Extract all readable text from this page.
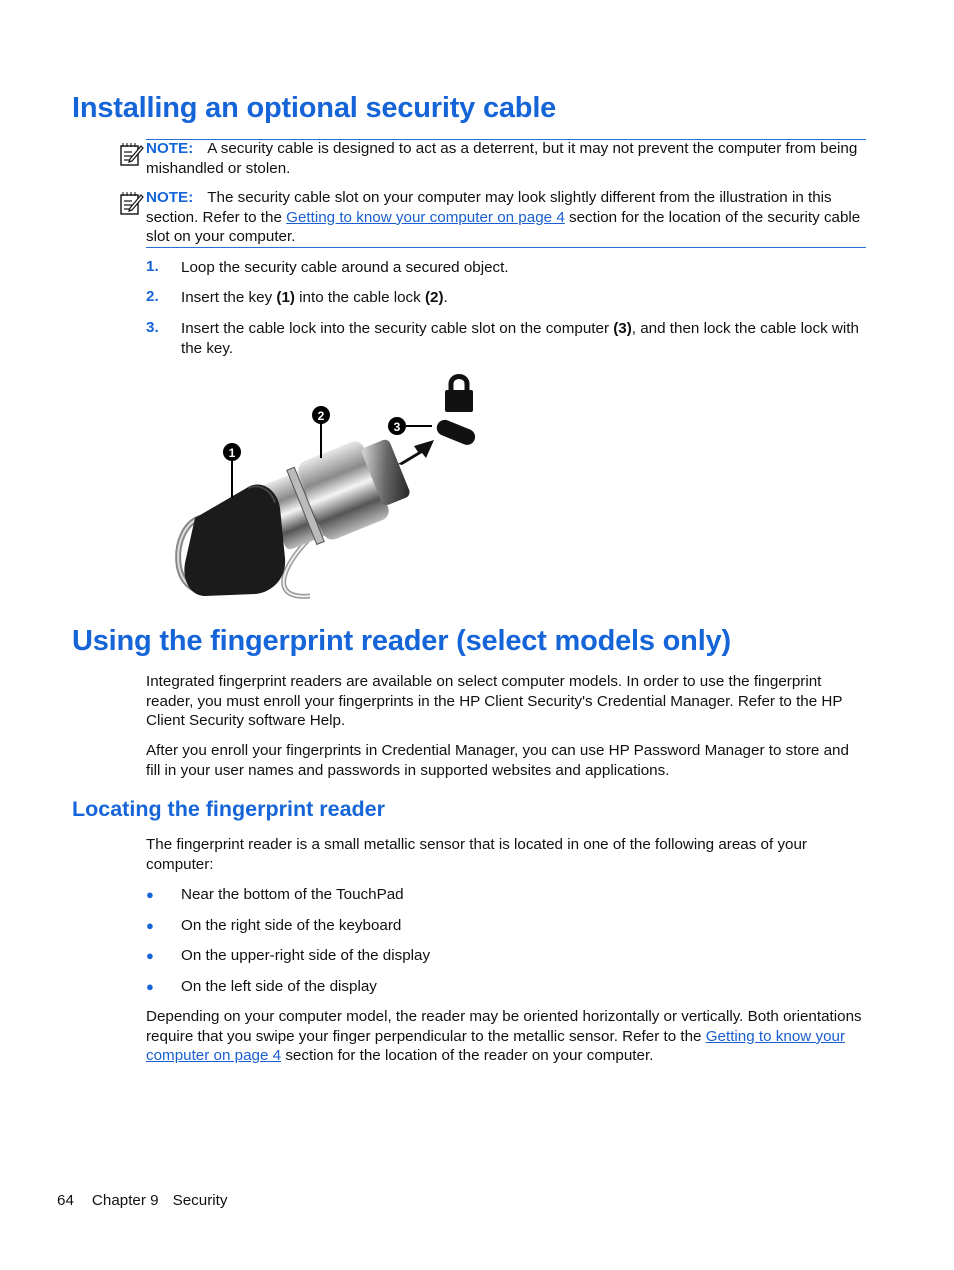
Installing an optional security cable
NOTE: A security cable is designed to act as a deterrent, but it may not prevent the computer from being mishandled or stolen.
NOTE: The security cable slot on your computer may look slightly different from the illustration in this section. Refer to the Getting to know your computer on page 4 section for the location of the security cable slot on your computer.
1. Loop the security cable around a secured object.
2. Insert the key (1) into the cable lock (2).
3. Insert the cable lock into the security cable slot on the computer (3), and then lock the cable lock with the key.
1
2
3
Using the fingerprint reader (select models only)

Integrated fingerprint readers are available on select computer models. In order to use the fingerprint reader, you must enroll your fingerprints in the HP Client Security's Credential Manager. Refer to the HP Client Security software Help.

After you enroll your fingerprints in Credential Manager, you can use HP Password Manager to store and fill in your user names and passwords in supported websites and applications.

Locating the fingerprint reader

The fingerprint reader is a small metallic sensor that is located in one of the following areas of your computer:

● Near the bottom of the TouchPad
● On the right side of the keyboard
● On the upper-right side of the display
● On the left side of the display

Depending on your computer model, the reader may be oriented horizontally or vertically. Both orientations require that you swipe your finger perpendicular to the metallic sensor. Refer to the Getting to know your computer on page 4 section for the location of the reader on your computer.

64 Chapter 9 Security
